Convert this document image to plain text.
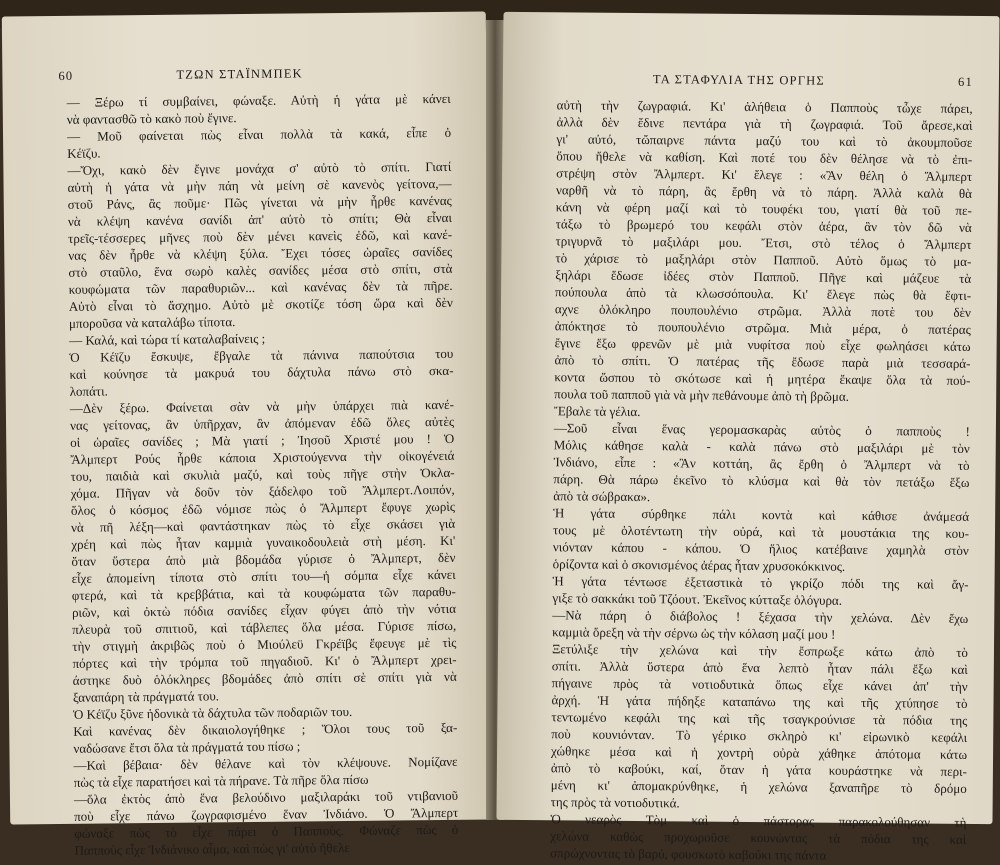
60	ΤΖΩΝ ΣΤΑΪΝΜΠΕΚ
— Ξέρω τί συμβαίνει, φώναξε. Αὐτὴ ἡ γάτα μὲ κάνει
νὰ φαντασθῶ τὸ κακὸ ποὺ ἔγινε.
— Μοῦ φαίνεται πὼς εἶναι πολλὰ τὰ κακά, εἶπε ὁ
Κέϊζυ.
—Ὄχι, κακὸ δὲν ἔγινε μονάχα σ' αὐτὸ τὸ σπίτι. Γιατί
αὐτὴ ἡ γάτα νὰ μὴν πάη νὰ μείνη σὲ κανενὸς γείτονα,—
στοῦ Ράνς, ἂς ποῦμε· Πῶς γίνεται νὰ μὴν ἦρθε κανένας
νὰ κλέψη κανένα σανίδι ἀπ' αὐτὸ τὸ σπίτι; Θὰ εἶναι
τρεῖς-τέσσερες μῆνες ποὺ δὲν μένει κανεὶς ἐδῶ, καὶ κανέ-
νας δὲν ἦρθε νὰ κλέψη ξύλα. Ἔχει τόσες ὡραῖες σανίδες
στὸ σταῦλο, ἕνα σωρὸ καλὲς σανίδες μέσα στὸ σπίτι, στὰ
κουφώματα τῶν παραθυριῶν... καὶ κανένας δὲν τὰ πῆρε.
Αὐτὸ εἶναι τὸ ἄσχημο. Αὐτὸ μὲ σκοτίζε τόση ὥρα καὶ δὲν
μποροῦσα νὰ καταλάβω τίποτα.
— Καλά, καὶ τώρα τί καταλαβαίνεις ;
Ὁ Κέϊζυ ἔσκυψε, ἔβγαλε τὰ πάνινα παπούτσια του
καὶ κούνησε τὰ μακρυά του δάχτυλα πάνω στὸ σκα-
λοπάτι.
—Δὲν ξέρω. Φαίνεται σὰν νὰ μὴν ὑπάρχει πιὰ κανέ-
νας γείτονας, ἂν ὑπῆρχαν, ἂν ἀπόμεναν ἐδῶ ὅλες αὐτὲς
οἱ ὡραῖες σανίδες ; Μὰ γιατί ; Ἰησοῦ Χριστέ μου ! Ὁ
Ἄλμπερτ Ρούς ἦρθε κάποια Χριστούγεννα τὴν οἰκογένειά
του, παιδιὰ καὶ σκυλιὰ μαζύ, καὶ τοὺς πῆγε στὴν Ὀκλα-
χόμα. Πῆγαν νὰ δοῦν τὸν ξάδελφο τοῦ Ἄλμπερτ.Λοιπόν,
ὅλος ὁ κόσμος ἐδῶ νόμισε πὼς ὁ Ἄλμπερτ ἔφυγε χωρὶς
νὰ πῆ λέξη—καὶ φαντάστηκαν πὼς τὸ εἶχε σκάσει γιὰ
χρέη καὶ πὼς ἦταν καμμιὰ γυναικοδουλειὰ στὴ μέση. Κι'
ὅταν ὕστερα ἀπὸ μιὰ βδομάδα γύρισε ὁ Ἄλμπερτ, δὲν
εἶχε ἀπομείνη τίποτα στὸ σπίτι του—ἡ σόμπα εἶχε κάνει
φτερά, καὶ τὰ κρεββάτια, καὶ τὰ κουφώματα τῶν παραθυ-
ριῶν, καὶ ὀκτὼ πόδια σανίδες εἶχαν φύγει ἀπὸ τὴν νότια
πλευρὰ τοῦ σπιτιοῦ, καὶ τάβλεπες ὅλα μέσα. Γύρισε πίσω,
τὴν στιγμὴ ἀκριβῶς ποὺ ὁ Μιούλεϋ Γκρέϊβς ἔφευγε μὲ τὶς
πόρτες καὶ τὴν τρόμπα τοῦ πηγαδιοῦ. Κι' ὁ Ἄλμπερτ χρει-
άστηκε δυὸ ὁλόκληρες βδομάδες ἀπὸ σπίτι σὲ σπίτι γιὰ νὰ
ξαναπάρη τὰ πράγματά του.
Ὁ Κέϊζυ ξῦνε ἡδονικὰ τὰ δάχτυλα τῶν ποδαριῶν του.
Καὶ κανένας δὲν δικαιολογήθηκε ; Ὅλοι τους τοῦ ξα-
ναδώσανε ἔτσι ὅλα τὰ πράγματά του πίσω ;
—Καὶ βέβαια· δὲν θέλανε καὶ τὸν κλέψουνε. Νομίζανε
πὼς τὰ εἶχε παρατήσει καὶ τὰ πήρανε. Τὰ πῆρε ὅλα πίσω
—ὅλα ἐκτὸς ἀπὸ ἕνα βελούδινο μαξιλαράκι τοῦ ντιβανιοῦ
ποὺ εἶχε πάνω ζωγραφισμένο ἕναν Ἰνδιάνο. Ὁ Ἄλμπερτ
φώναξε πὼς τὸ εἶχε πάρει ὁ Παπποὺς. Φώναζε πὼς ὁ
Παπποὺς εἶχε Ἰνδιάνικο αἷμα, καὶ πὼς γι' αὐτὸ ἤθελε
ΤΑ ΣΤΑΦΥΛΙΑ ΤΗΣ ΟΡΓΗΣ	61
αὐτὴ τὴν ζωγραφιά. Κι' ἀλήθεια ὁ Παπποὺς τὧχε πάρει,
ἀλλὰ δὲν ἔδινε πεντάρα γιὰ τὴ ζωγραφιά. Τοῦ ἄρεσε,καὶ
γι' αὐτό, τὤπαιρνε πάντα μαζύ του καὶ τὸ ἀκουμποῦσε
ὅπου ἤθελε νὰ καθίση. Καὶ ποτέ του δὲν θέλησε νὰ τὸ ἐπι-
στρέψη στὸν Ἄλμπερτ. Κι' ἔλεγε : «Ἂν θέλη ὁ Ἄλμπερτ
ναρθῆ νὰ τὸ πάρη, ἂς ἔρθη νὰ τὸ πάρη. Ἀλλὰ καλὰ θὰ
κάνη νὰ φέρη μαζί καὶ τὸ τουφέκι του, γιατί θὰ τοῦ πε-
τάξω τὸ βρωμερό του κεφάλι στὸν ἀέρα, ἂν τὸν δῶ νὰ
τριγυρνᾶ τὸ μαξιλάρι μου. Ἔτσι, στὸ τέλος ὁ Ἄλμπερτ
τὸ χάρισε τὸ μαξηλάρι στὸν Παπποῦ. Αὐτὸ ὅμως τὸ μα-
ξηλάρι ἔδωσε ἰδέες στὸν Παπποῦ. Πῆγε καὶ μάζευε τὰ
πούπουλα ἀπὸ τὰ κλωσσόπουλα. Κι' ἔλεγε πὼς θὰ ἔφτι-
αχνε ὁλόκληρο πουπουλένιο στρῶμα. Ἀλλὰ ποτὲ του δὲν
ἀπόκτησε τὸ πουπουλένιο στρῶμα. Μιὰ μέρα, ὁ πατέρας
ἔγινε ἔξω φρενῶν μὲ μιὰ νυφίτσα ποὺ εἶχε φωληάσει κάτω
ἀπὸ τὸ σπίτι. Ὁ πατέρας τῆς ἔδωσε παρὰ μιὰ τεσσαρά-
κοντα ὥσπου τὸ σκότωσε καὶ ἡ μητέρα ἔκαψε ὅλα τὰ πού-
πουλα τοῦ παπποῦ γιὰ νὰ μὴν πεθάνουμε ἀπὸ τὴ βρῶμα.
Ἔβαλε τὰ γέλια.
—Σοῦ εἶναι ἕνας γερομασκαρὰς αὐτὸς ὁ παπποὺς !
Μόλις κάθησε καλὰ - καλὰ πάνω στὸ μαξιλάρι μὲ τὸν
Ἰνδιάνο, εἶπε : «Ἂν κοττάη, ἂς ἔρθη ὁ Ἄλμπερτ νὰ τὸ
πάρη. Θὰ πάρω ἐκεῖνο τὸ κλύσμα καὶ θὰ τὸν πετάξω ἔξω
ἀπὸ τὰ σώβρακα».
Ἡ γάτα σύρθηκε πάλι κοντὰ καὶ κάθισε ἀνάμεσά
τους μὲ ὁλοτέντωτη τὴν οὐρά, καὶ τὰ μουστάκια της κου-
νιόνταν κάπου - κάπου. Ὁ ἥλιος κατέβαινε χαμηλὰ στὸν
ὁρίζοντα καὶ ὁ σκονισμένος ἀέρας ἦταν χρυσοκόκκινος.
Ἡ γάτα τέντωσε ἐξεταστικὰ τὸ γκρίζο πόδι της καὶ ἄγ-
γιξε τὸ σακκάκι τοῦ Τζόουτ. Ἐκεῖνος κύτταξε ὁλόγυρα.
—Νὰ πάρη ὁ διάβολος ! ξέχασα τὴν χελώνα. Δὲν ἔχω
καμμιὰ ὄρεξη νὰ τὴν σέρνω ὡς τὴν κόλαση μαζί μου !
Ξετύλιξε τὴν χελώνα καὶ τὴν ἔσπρωξε κάτω ἀπὸ τὸ
σπίτι. Ἀλλὰ ὕστερα ἀπὸ ἕνα λεπτὸ ἦταν πάλι ἔξω καὶ
πήγαινε πρὸς τὰ νοτιοδυτικὰ ὅπως εἶχε κάνει ἀπ' τὴν
ἀρχή. Ἡ γάτα πήδηξε καταπάνω της καὶ τῆς χτύπησε τὸ
τεντωμένο κεφάλι της καὶ τῆς τσαγκρούνισε τὰ πόδια της
ποὺ κουνιόνταν. Τὸ γέρικο σκληρὸ κι' εἰρωνικὸ κεφάλι
χώθηκε μέσα καὶ ἡ χοντρὴ οὐρὰ χάθηκε ἀπότομα κάτω
ἀπὸ τὸ καβούκι, καί, ὅταν ἡ γάτα κουράστηκε νὰ περι-
μένη κι' ἀπομακρύνθηκε, ἡ χελώνα ξαναπῆρε τὸ δρόμο
της πρὸς τὰ νοτιοδυτικά.
Ὁ νεαρὸς Τὸμ καὶ ὁ πάστορας παρακολούθησαν τὴ
χελώνα καθὼς προχωροῦσε κουνώντας τὰ πόδια της καὶ
σπρώχνοντας τὸ βαρύ, φουσκωτὸ καβούκι της πάντα
